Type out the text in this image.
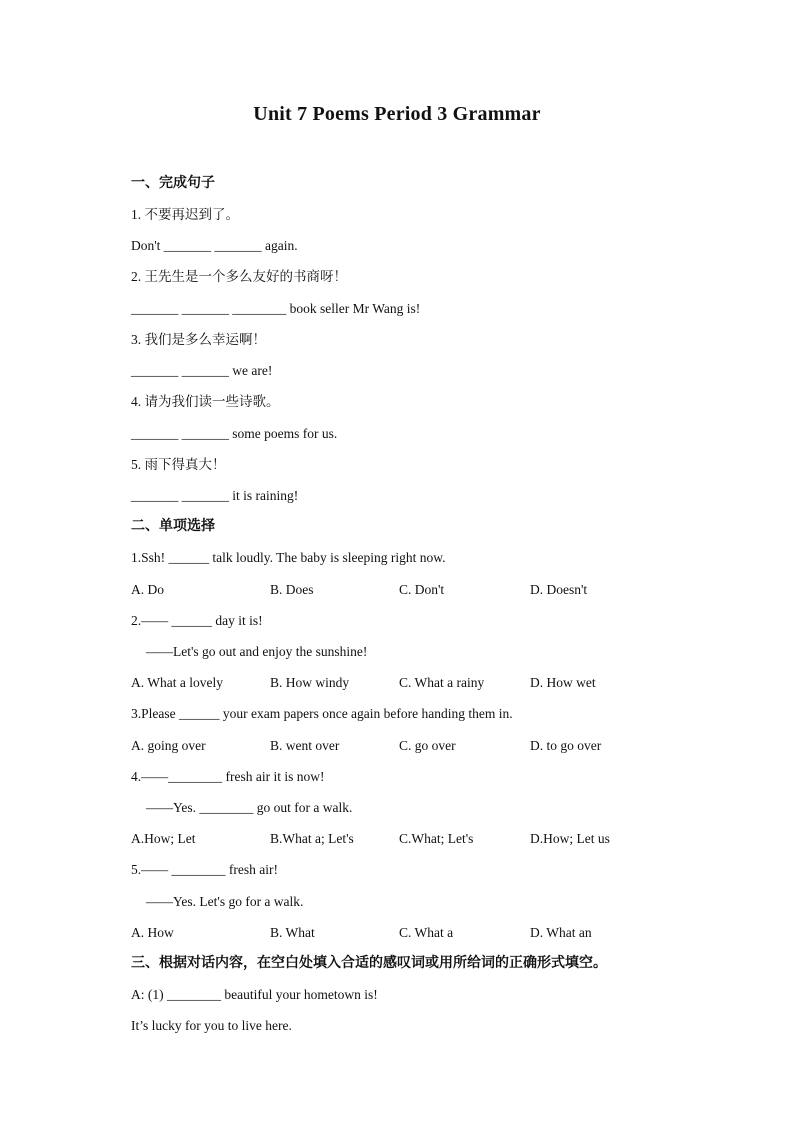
Unit 7 Poems Period 3 Grammar
一、完成句子
1. 不要再迟到了。
Don't _______ _______ again.
2. 王先生是一个多么友好的书商呀！
_______ _______ ________ book seller Mr Wang is!
3. 我们是多么幸运啊！
_______ _______ we are!
4. 请为我们读一些诗歌。
_______ _______ some poems for us.
5. 雨下得真大！
_______ _______ it is raining!
二、单项选择
1.Ssh! ______ talk loudly. The baby is sleeping right now.
A. Do	B. Does	C. Don't	D. Doesn't
2.—— ______ day it is!
——Let's go out and enjoy the sunshine!
A. What a lovely	B. How windy	C. What a rainy	D. How wet
3.Please ______ your exam papers once again before handing them in.
A. going over	B. went over	C. go over	D. to go over
4.——________ fresh air it is now!
——Yes. ________ go out for a walk.
A.How; Let	B.What a; Let's	C.What; Let's	D.How; Let us
5.—— ________ fresh air!
——Yes. Let's go for a walk.
A. How	B. What	C. What a	D. What an
三、根据对话内容，在空白处填入合适的感叹词或用所给词的正确形式填空。
A: (1) ________ beautiful your hometown is!
It’s lucky for you to live here.
